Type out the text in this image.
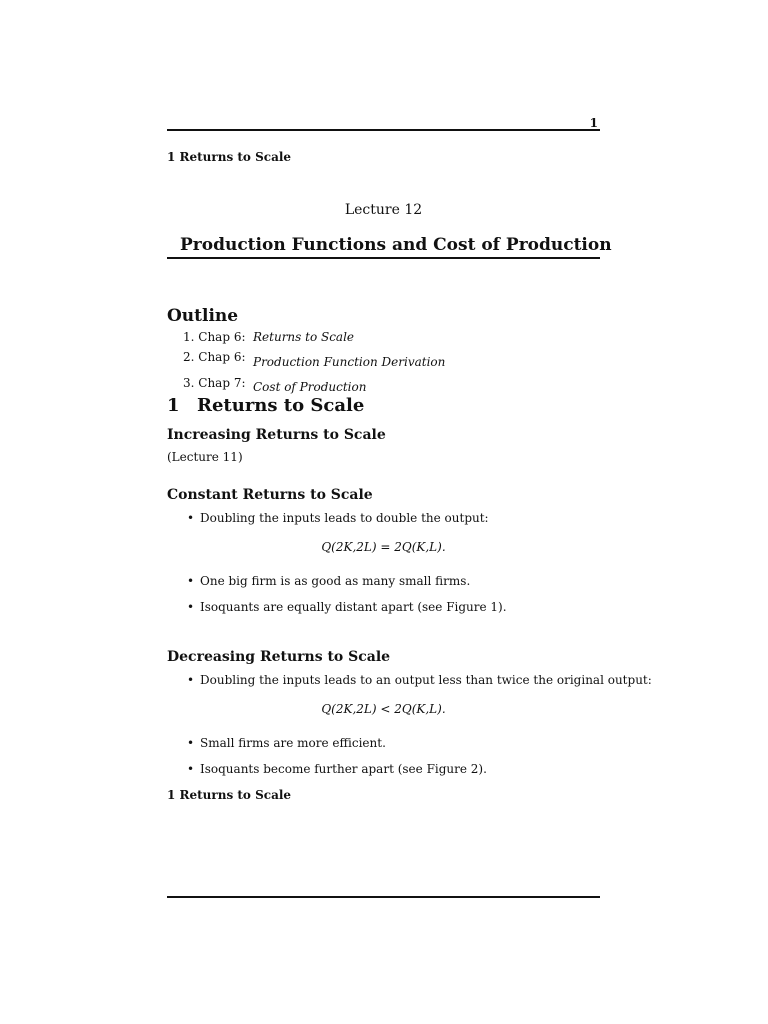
1
1 Returns to Scale
Lecture 12
Production Functions and Cost of Production
Outline
1. Chap 6: Returns to Scale
2. Chap 6: Production Function Derivation
3. Chap 7: Cost of Production
1 Returns to Scale
Increasing Returns to Scale
(Lecture 11)
Constant Returns to Scale
• Doubling the inputs leads to double the output:
Q(2K,2L) = 2Q(K,L).
• One big firm is as good as many small firms.
• Isoquants are equally distant apart (see Figure 1).
Decreasing Returns to Scale
• Doubling the inputs leads to an output less than twice the original output:
Q(2K,2L) < 2Q(K,L).
• Small firms are more efficient.
• Isoquants become further apart (see Figure 2).
1 Returns to Scale
